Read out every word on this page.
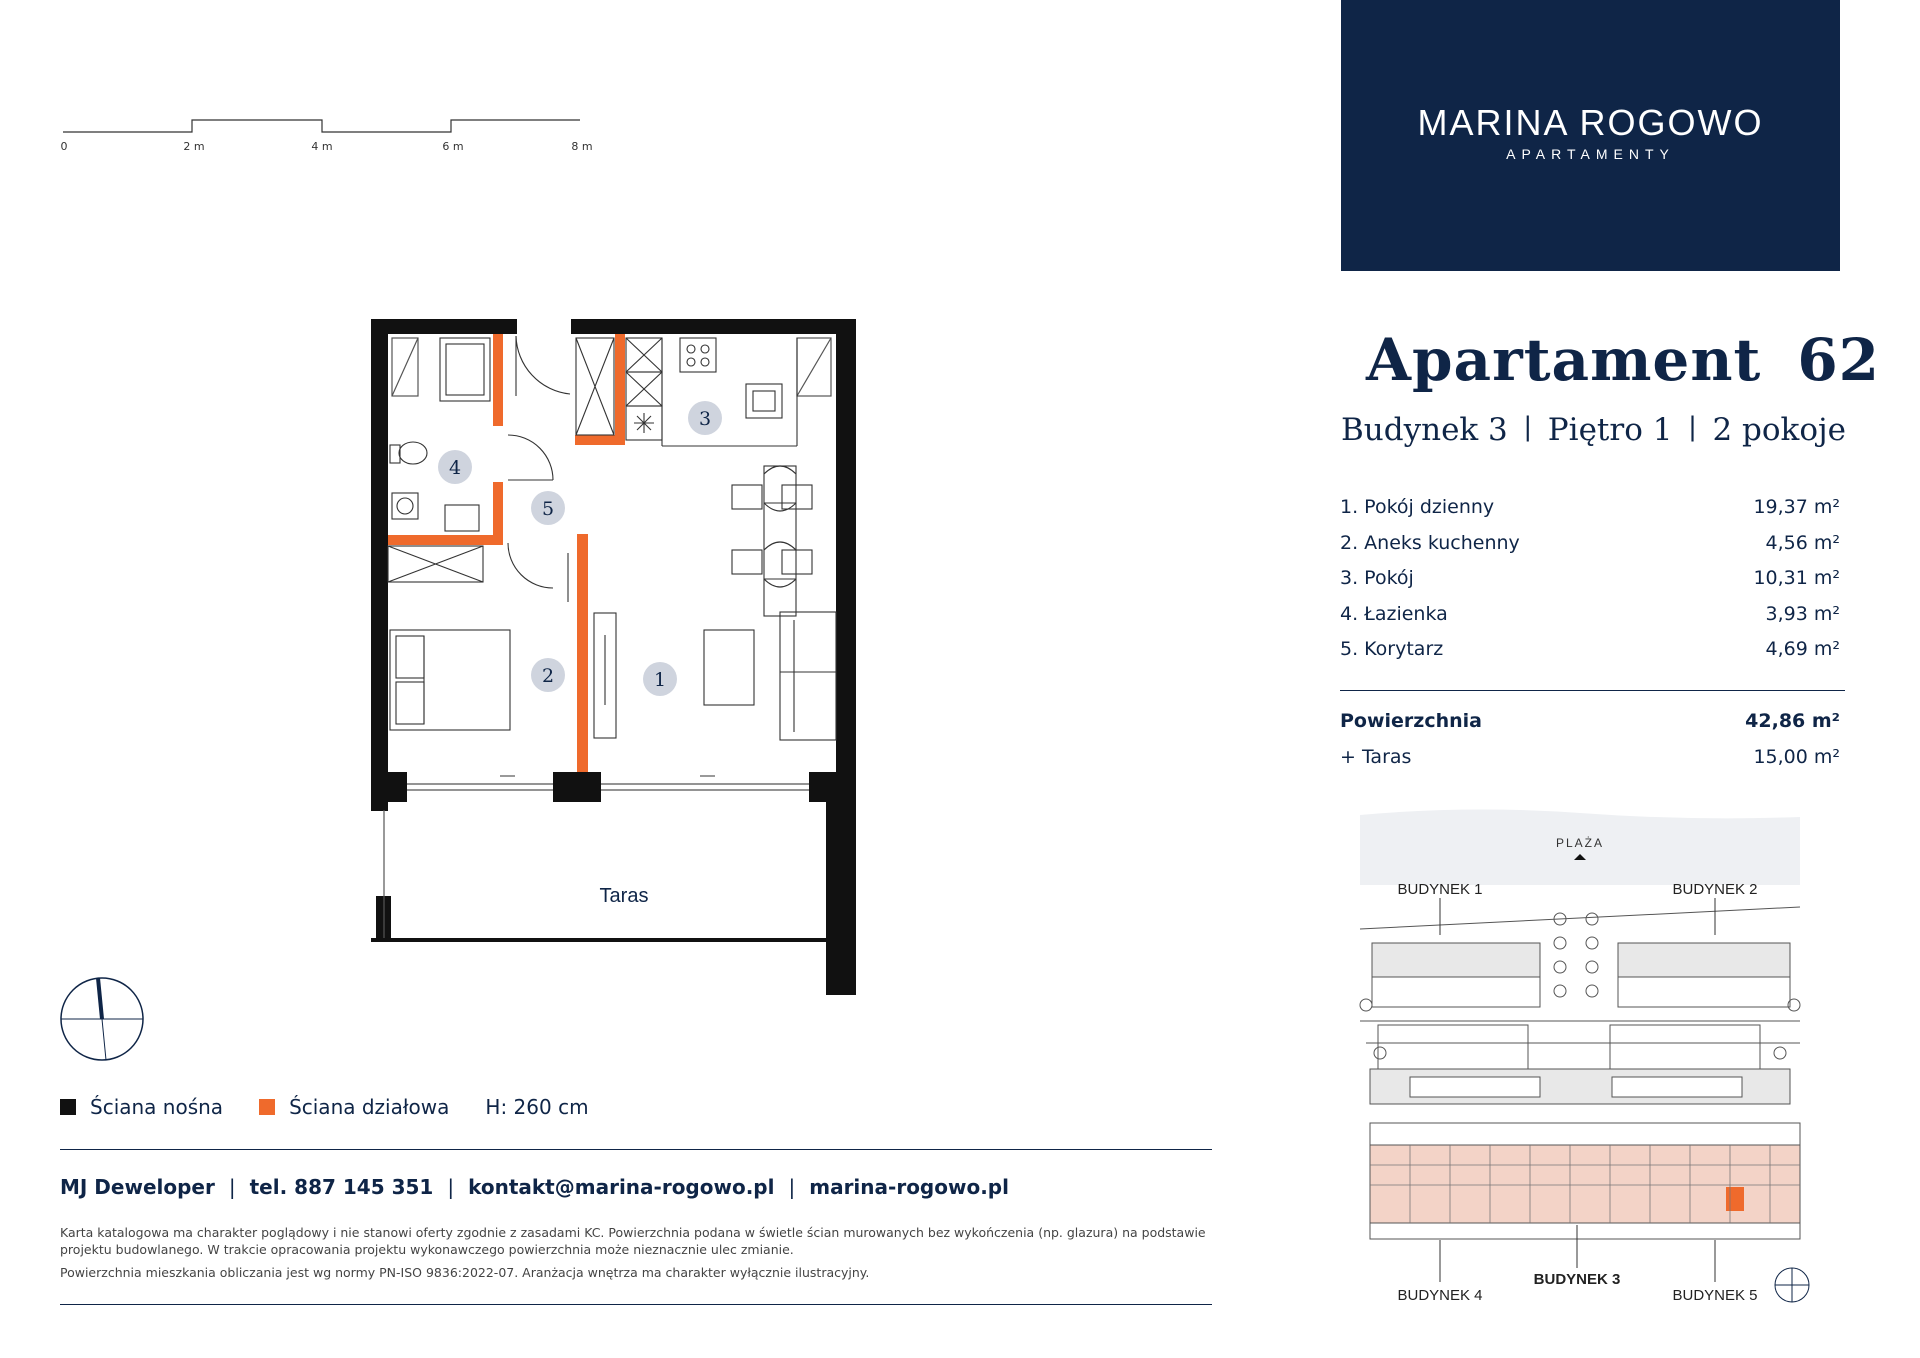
0	2 m	4 m	6 m	8 m
1
2
3
4
5
Taras
MARINA ROGOWO
APARTAMENTY
Apartament 62
Budynek 3 | Piętro 1 | 2 pokoje
1. Pokój dzienny	19,37 m²
2. Aneks kuchenny	4,56 m²
3. Pokój	10,31 m²
4. Łazienka	3,93 m²
5. Korytarz	4,69 m²
Powierzchnia	42,86 m²
+ Taras	15,00 m²
PLAŻA
BUDYNEK 1	BUDYNEK 2
BUDYNEK 3
BUDYNEK 4	BUDYNEK 5
Ściana nośna	Ściana działowa H: 260 cm
MJ Deweloper | tel. 887 145 351 | kontakt@marina-rogowo.pl | marina-rogowo.pl
Karta katalogowa ma charakter poglądowy i nie stanowi oferty zgodnie z zasadami KC. Powierzchnia podana w świetle ścian murowanych bez wykończenia (np. glazura) na podstawie projektu budowlanego. W trakcie opracowania projektu wykonawczego powierzchnia może nieznacznie ulec zmianie.
Powierzchnia mieszkania obliczania jest wg normy PN-ISO 9836:2022-07. Aranżacja wnętrza ma charakter wyłącznie ilustracyjny.
